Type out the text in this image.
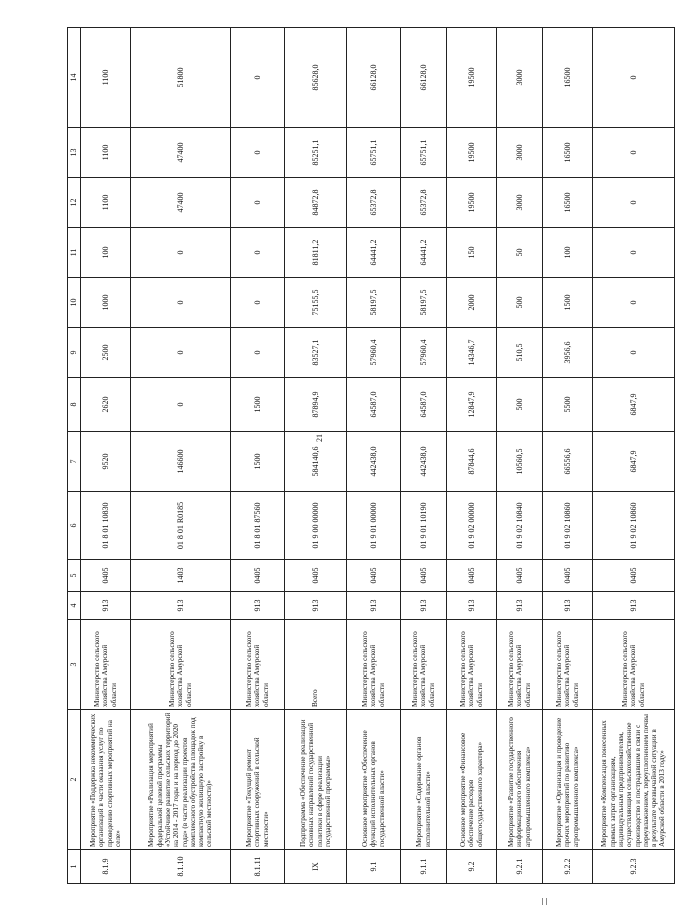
21
1	2	3	4	5	6	7	8	9	10	11	12	13	14
8.1.9	Мероприятие «Поддержка некоммерческих организаций в части оказания услуг по проведению спортивных мероприятий на селе»	Министерство сельского хозяйства Амурской области	913	0405	01 8 01 10830	9520	2620	2500	1000	100	1100	1100	1100
8.1.10	Мероприятие «Реализация мероприятий федеральной целевой программы «Устойчивое развитие сельских территорий на 2014 - 2017 годы и на период до 2020 года» (в части реализации проектов комплексного обустройства площадок под компактную жилищную застройку в сельской местности)»	Министерство сельского хозяйства Амурской области	913	1403	01 8 01 R0185	146600	0	0	0	0	47400	47400	51800
8.1.11	Мероприятие «Текущий ремонт спортивных сооружений в сельской местности»	Министерство сельского хозяйства Амурской области	913	0405	01 8 01 87560	1500	1500	0	0	0	0	0	0
IX	Подпрограмма «Обеспечение реализации основных направлений государственной политики в сфере реализации государственной программы»	Всего	913	0405	01 9 00 00000	584140,6	87894,9	83527,1	75155,5	81811,2	84872,8	85251,1	85628,0
9.1	Основное мероприятие «Обеспечение функций исполнительных органов государственной власти»	Министерство сельского хозяйства Амурской области	913	0405	01 9 01 00000	442438,0	64587,0	57960,4	58197,5	64441,2	65372,8	65751,1	66128,0
9.1.1	Мероприятие «Содержание органов исполнительной власти»	Министерство сельского хозяйства Амурской области	913	0405	01 9 01 10190	442438,0	64587,0	57960,4	58197,5	64441,2	65372,8	65751,1	66128,0
9.2	Основное мероприятие «Финансовое обеспечение расходов общегосударственного характера»	Министерство сельского хозяйства Амурской области	913	0405	01 9 02 00000	87844,6	12847,9	14346,7	2000	150	19500	19500	19500
9.2.1	Мероприятие «Развитие государственного информационного обеспечения агропромышленного комплекса»	Министерство сельского хозяйства Амурской области	913	0405	01 9 02 10840	10560,5	500	510,5	500	50	3000	3000	3000
9.2.2	Мероприятие «Организация и проведение прочих мероприятий по развитию агропромышленного комплекса»	Министерство сельского хозяйства Амурской области	913	0405	01 9 02 10860	66556,6	5500	3956,6	1500	100	16500	16500	16500
9.2.3	Мероприятие «Компенсация понесенных прямых затрат организациям, индивидуальным предпринимателям, осуществляющим сельскохозяйственное производство и пострадавшим в связи с переувлажнением, переуплотнением почвы в результате чрезвычайной ситуации в Амурской области в 2013 году»	Министерство сельского хозяйства Амурской области	913	0405	01 9 02 10860	6847,9	6847,9	0	0	0	0	0	0
